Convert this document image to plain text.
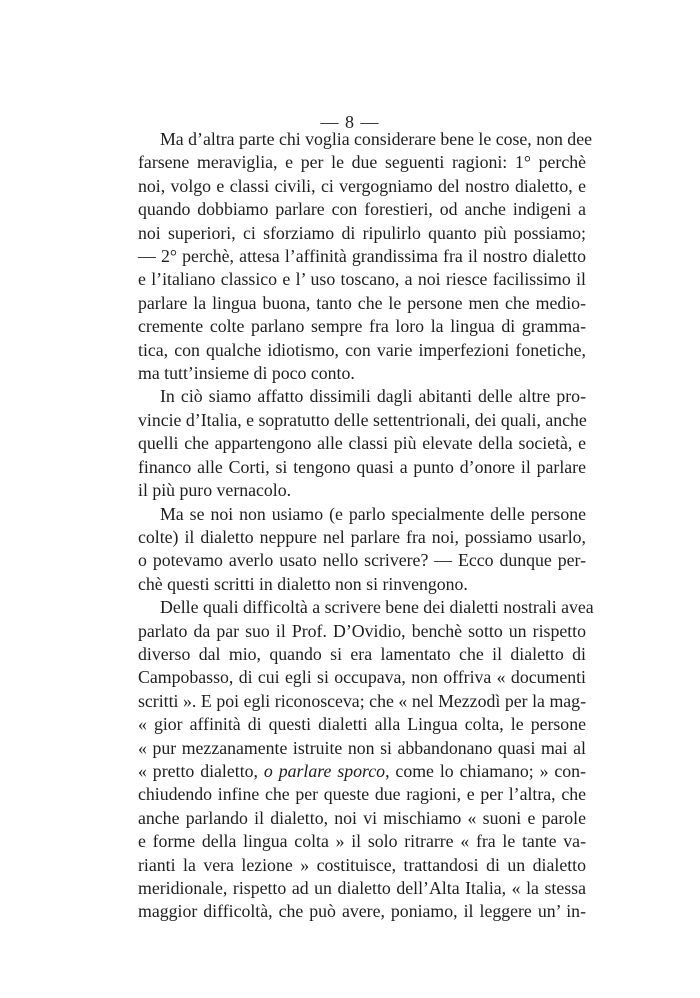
— 8 —
Ma d’altra parte chi voglia considerare bene le cose, non dee
farsene meraviglia, e per le due seguenti ragioni: 1° perchè
noi, volgo e classi civili, ci vergogniamo del nostro dialetto, e
quando dobbiamo parlare con forestieri, od anche indigeni a
noi superiori, ci sforziamo di ripulirlo quanto più possiamo;
— 2° perchè, attesa l’affinità grandissima fra il nostro dialetto
e l’italiano classico e l’ uso toscano, a noi riesce facilissimo il
parlare la lingua buona, tanto che le persone men che medio-
cremente colte parlano sempre fra loro la lingua di gramma-
tica, con qualche idiotismo, con varie imperfezioni fonetiche,
ma tutt’insieme di poco conto.
In ciò siamo affatto dissimili dagli abitanti delle altre pro-
vincie d’Italia, e sopratutto delle settentrionali, dei quali, anche
quelli che appartengono alle classi più elevate della società, e
financo alle Corti, si tengono quasi a punto d’onore il parlare
il più puro vernacolo.
Ma se noi non usiamo (e parlo specialmente delle persone
colte) il dialetto neppure nel parlare fra noi, possiamo usarlo,
o potevamo averlo usato nello scrivere? — Ecco dunque per-
chè questi scritti in dialetto non si rinvengono.
Delle quali difficoltà a scrivere bene dei dialetti nostrali avea
parlato da par suo il Prof. D’Ovidio, benchè sotto un rispetto
diverso dal mio, quando si era lamentato che il dialetto di
Campobasso, di cui egli si occupava, non offriva « documenti
scritti ». E poi egli riconosceva; che « nel Mezzodì per la mag-
« gior affinità di questi dialetti alla Lingua colta, le persone
« pur mezzanamente istruite non si abbandonano quasi mai al
« pretto dialetto, o parlare sporco, come lo chiamano; » con-
chiudendo infine che per queste due ragioni, e per l’altra, che
anche parlando il dialetto, noi vi mischiamo « suoni e parole
e forme della lingua colta » il solo ritrarre « fra le tante va-
rianti la vera lezione » costituisce, trattandosi di un dialetto
meridionale, rispetto ad un dialetto dell’Alta Italia, « la stessa
maggior difficoltà, che può avere, poniamo, il leggere un’ in-
